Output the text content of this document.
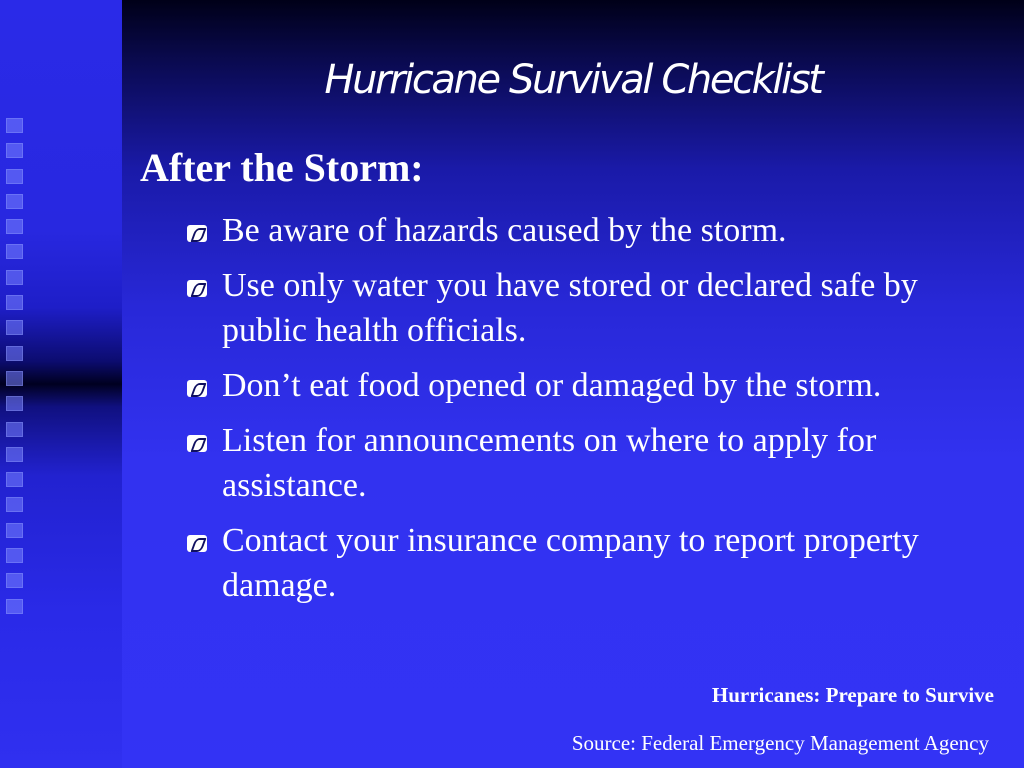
Hurricane Survival Checklist
After the Storm:
Be aware of hazards caused by the storm.
Use only water you have stored or declared safe by public health officials.
Don’t eat food opened or damaged by the storm.
Listen for announcements on where to apply for assistance.
Contact your insurance company to report property damage.

Hurricanes: Prepare to Survive

Source: Federal Emergency Management Agency
